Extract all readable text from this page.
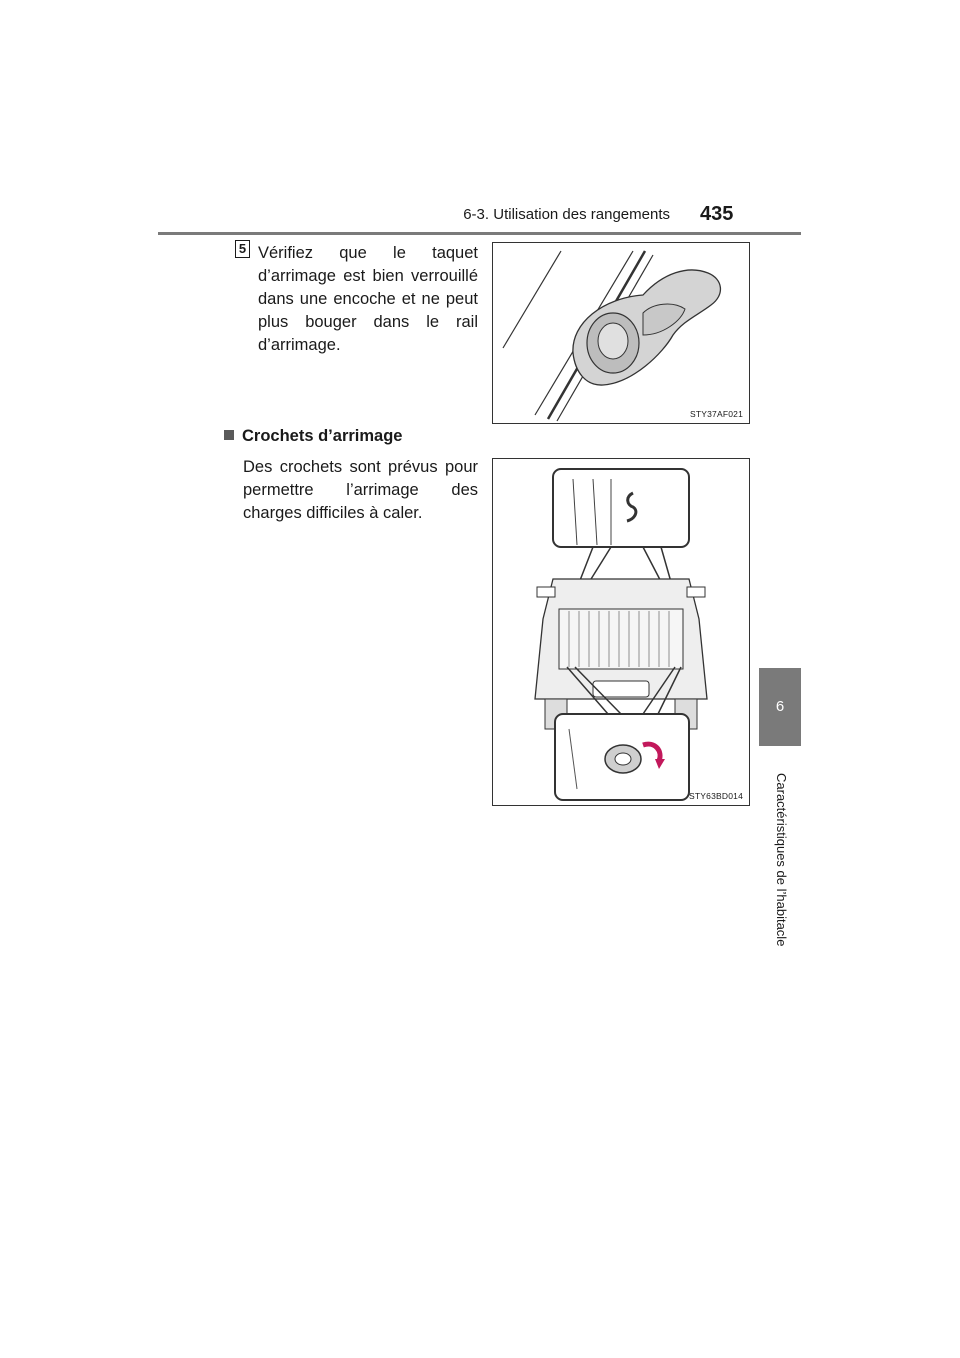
6-3. Utilisation des rangements 435
6
Caractéristiques de l’habitacle
5 Vérifiez que le taquet d’arrimage est bien verrouillé dans une encoche et ne peut plus bouger dans le rail d’arrimage.
Crochets d’arrimage
Des crochets sont prévus pour permettre l’arrimage des charges difficiles à caler.
STY37AF021
STY63BD014
